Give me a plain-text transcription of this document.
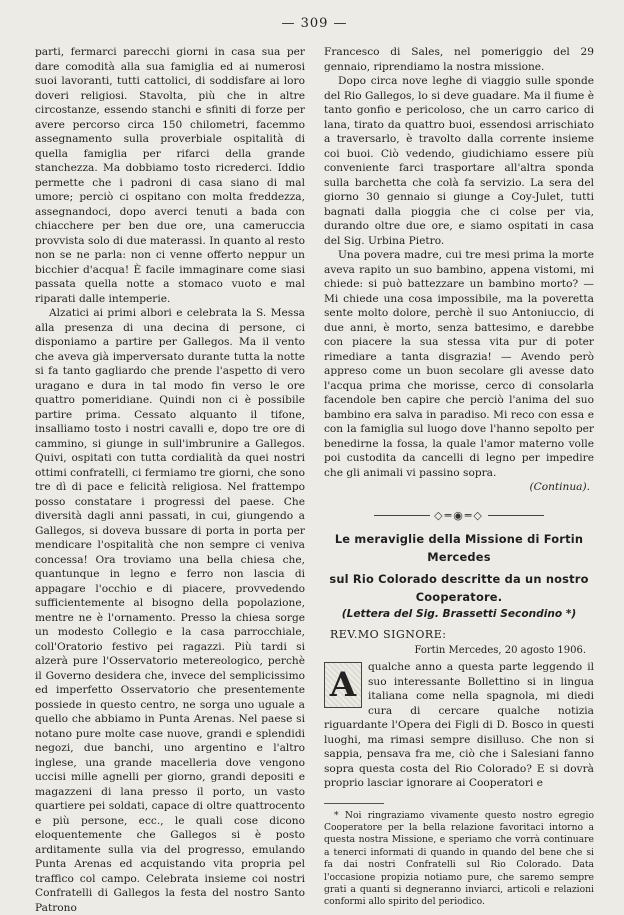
— 309 —

parti, fermarci parecchi giorni in casa sua per dare comodità alla sua famiglia ed ai numerosi suoi lavoranti, tutti cattolici, di soddisfare ai loro doveri religiosi. Stavolta, più che in altre circostanze, essendo stanchi e sfiniti di forze per avere percorso circa 150 chilometri, facemmo assegnamento sulla proverbiale ospitalità di quella famiglia per rifarci della grande stanchezza. Ma dobbiamo tosto ricrederci. Iddio permette che i padroni di casa siano di mal umore; perciò ci ospitano con molta freddezza, assegnandoci, dopo averci tenuti a bada con chiacchere per ben due ore, una cameruccia provvista solo di due materassi. In quanto al resto non se ne parla: non ci venne offerto neppur un bicchier d'acqua! È facile immaginare come siasi passata quella notte a stomaco vuoto e mal riparati dalle intemperie.

Alzatici ai primi albori e celebrata la S. Messa alla presenza di una decina di persone, ci disponiamo a partire per Gallegos. Ma il vento che aveva già imperversato durante tutta la notte si fa tanto gagliardo che prende l'aspetto di vero uragano e dura in tal modo fin verso le ore quattro pomeridiane. Quindi non ci è possibile partire prima. Cessato alquanto il tifone, insalliamo tosto i nostri cavalli e, dopo tre ore di cammino, si giunge in sull'imbrunire a Gallegos. Quivi, ospitati con tutta cordialità da quei nostri ottimi confratelli, ci fermiamo tre giorni, che sono tre dì di pace e felicità religiosa. Nel frattempo posso constatare i progressi del paese. Che diversità dagli anni passati, in cui, giungendo a Gallegos, si doveva bussare di porta in porta per mendicare l'ospitalità che non sempre ci veniva concessa! Ora troviamo una bella chiesa che, quantunque in legno e ferro non lascia di appagare l'occhio e di piacere, provvedendo sufficientemente al bisogno della popolazione, mentre ne è l'ornamento. Presso la chiesa sorge un modesto Collegio e la casa parrocchiale, coll'Oratorio festivo pei ragazzi. Più tardi si alzerà pure l'Osservatorio metereologico, perchè il Governo desidera che, invece del semplicissimo ed imperfetto Osservatorio che presentemente possiede in questo centro, ne sorga uno uguale a quello che abbiamo in Punta Arenas. Nel paese si notano pure molte case nuove, grandi e splendidi negozi, due banchi, uno argentino e l'altro inglese, una grande macelleria dove vengono uccisi mille agnelli per giorno, grandi depositi e magazzeni di lana presso il porto, un vasto quartiere pei soldati, capace di oltre quattrocento e più persone, ecc., le quali cose dicono eloquentemente che Gallegos si è posto arditamente sulla via del progresso, emulando Punta Arenas ed acquistando vita propria pel traffico col campo. Celebrata insieme coi nostri Confratelli di Gallegos la festa del nostro Santo Patrono

Francesco di Sales, nel pomeriggio del 29 gennaio, riprendiamo la nostra missione.

Dopo circa nove leghe di viaggio sulle sponde del Rio Gallegos, lo si deve guadare. Ma il fiume è tanto gonfio e pericoloso, che un carro carico di lana, tirato da quattro buoi, essendosi arrischiato a traversarlo, è travolto dalla corrente insieme coi buoi. Ciò vedendo, giudichiamo essere più conveniente farci trasportare all'altra sponda sulla barchetta che colà fa servizio. La sera del giorno 30 gennaio si giunge a Coy-Julet, tutti bagnati dalla pioggia che ci colse per via, durando oltre due ore, e siamo ospitati in casa del Sig. Urbina Pietro.

Una povera madre, cui tre mesi prima la morte aveva rapito un suo bambino, appena vistomi, mi chiede: si può battezzare un bambino morto? — Mi chiede una cosa impossibile, ma la poveretta sente molto dolore, perchè il suo Antoniuccio, di due anni, è morto, senza battesimo, e darebbe con piacere la sua stessa vita pur di poter rimediare a tanta disgrazia! — Avendo però appreso come un buon secolare gli avesse dato l'acqua prima che morisse, cerco di consolarla facendole ben capire che perciò l'anima del suo bambino era salva in paradiso. Mi reco con essa e con la famiglia sul luogo dove l'hanno sepolto per benedirne la fossa, la quale l'amor materno volle poi custodita da cancelli di legno per impedire che gli animali vi passino sopra.

(Continua).
◇═◉═◇
Le meraviglie della Missione di Fortin Mercedes
sul Rio Colorado descritte da un nostro Cooperatore.
(Lettera del Sig. Brassetti Secondino *)
REV.MO SIGNORE:
Fortin Mercedes, 20 agosto 1906.
A	qualche anno a questa parte leggendo il suo interessante Bollettino si in lingua italiana come nella spagnola, mi diedi cura di cercare qualche notizia riguardante l'Opera dei Figli di D. Bosco in questi luoghi, ma rimasi sempre disilluso. Che non si sappia, pensava fra me, ciò che i Salesiani fanno sopra questa costa del Rio Colorado? E si dovrà proprio lasciar ignorare ai Cooperatori e

* Noi ringraziamo vivamente questo nostro egregio Cooperatore per la bella relazione favoritaci intorno a questa nostra Missione, e speriamo che vorrà continuare a tenerci informati di quando in quando del bene che si fa dai nostri Confratelli sul Rio Colorado. Data l'occasione propizia notiamo pure, che saremo sempre grati a quanti si degneranno inviarci, articoli e relazioni conformi allo spirito del periodico.
